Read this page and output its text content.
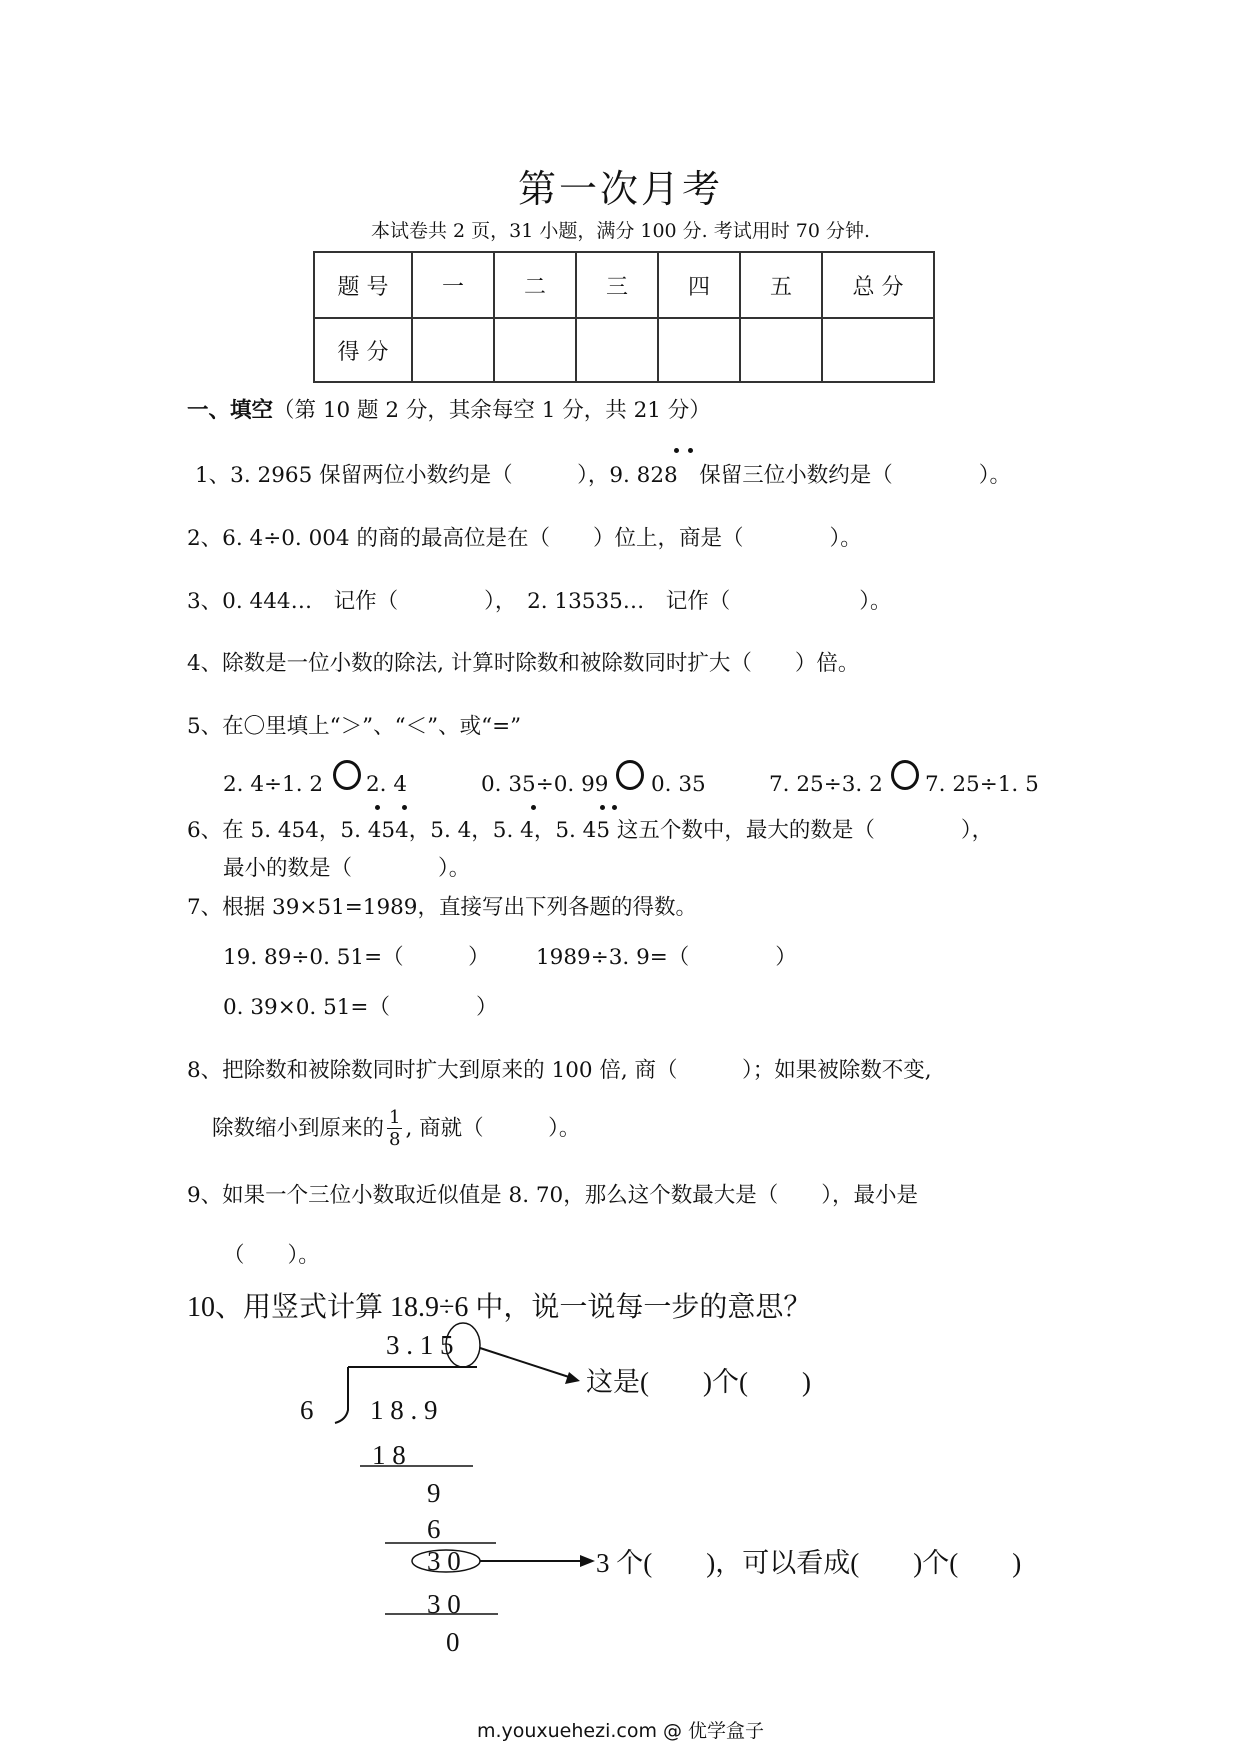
第一次月考
本试卷共 2 页，31 小题，满分 100 分. 考试用时 70 分钟.
题 号	一	二	三	四	五	总 分
得 分						
一、填空（第 10 题 2 分，其余每空 1 分，共 21 分）
1、3. 2965 保留两位小数约是（　　　），9. 828　保留三位小数约是（　　　　）。
2、6. 4÷0. 004 的商的最高位是在（　　）位上，商是（　　　　）。
3、0. 444…　记作（　　　　），　2. 13535…　记作（　　　　　　）。
4、除数是一位小数的除法, 计算时除数和被除数同时扩大（　　）倍。
5、在〇里填上“＞”、“＜”、或“=”
2. 4÷1. 2 2. 4	0. 35÷0. 99 0. 35	7. 25÷3. 2 7. 25÷1. 5
6、在 5. 454，5. 454，5. 4，5. 4，5. 45 这五个数中，最大的数是（　　　　），
最小的数是（　　　　）。
7、根据 39×51=1989，直接写出下列各题的得数。
19. 89÷0. 51=（　　　） 1989÷3. 9=（　　　　）
0. 39×0. 51=（　　　　）
8、把除数和被除数同时扩大到原来的 100 倍, 商（　　　）；如果被除数不变,
除数缩小到原来的 $\frac{1}{8}$ , 商就（　　　）。
9、如果一个三位小数取近似值是 8. 70，那么这个数最大是（　　），最小是
（　　）。
10、用竖式计算 18.9÷6 中，说一说每一步的意思？
3 . 1 5
6 1 8 . 9
1 8
9
6
3 0
3 0
0
这是(　　)个(　　)
3 个(　　)，可以看成(　　)个(　　)
m.youxuehezi.com @ 优学盒子
